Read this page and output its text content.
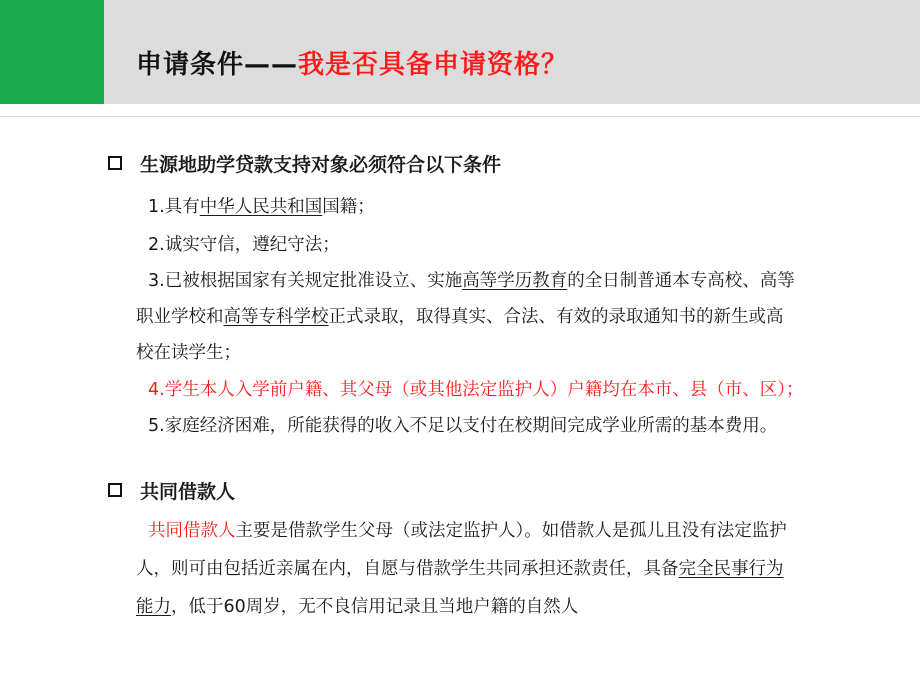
申请条件——我是否具备申请资格？
生源地助学贷款支持对象必须符合以下条件
1.具有中华人民共和国国籍；
2.诚实守信，遵纪守法；
3.已被根据国家有关规定批准设立、实施高等学历教育的全日制普通本专高校、高等
职业学校和高等专科学校正式录取，取得真实、合法、有效的录取通知书的新生或高
校在读学生；
4.学生本人入学前户籍、其父母（或其他法定监护人）户籍均在本市、县（市、区）；
5.家庭经济困难，所能获得的收入不足以支付在校期间完成学业所需的基本费用。
共同借款人
共同借款人主要是借款学生父母（或法定监护人）。如借款人是孤儿且没有法定监护
人，则可由包括近亲属在内，自愿与借款学生共同承担还款责任，具备完全民事行为
能力，低于60周岁，无不良信用记录且当地户籍的自然人
